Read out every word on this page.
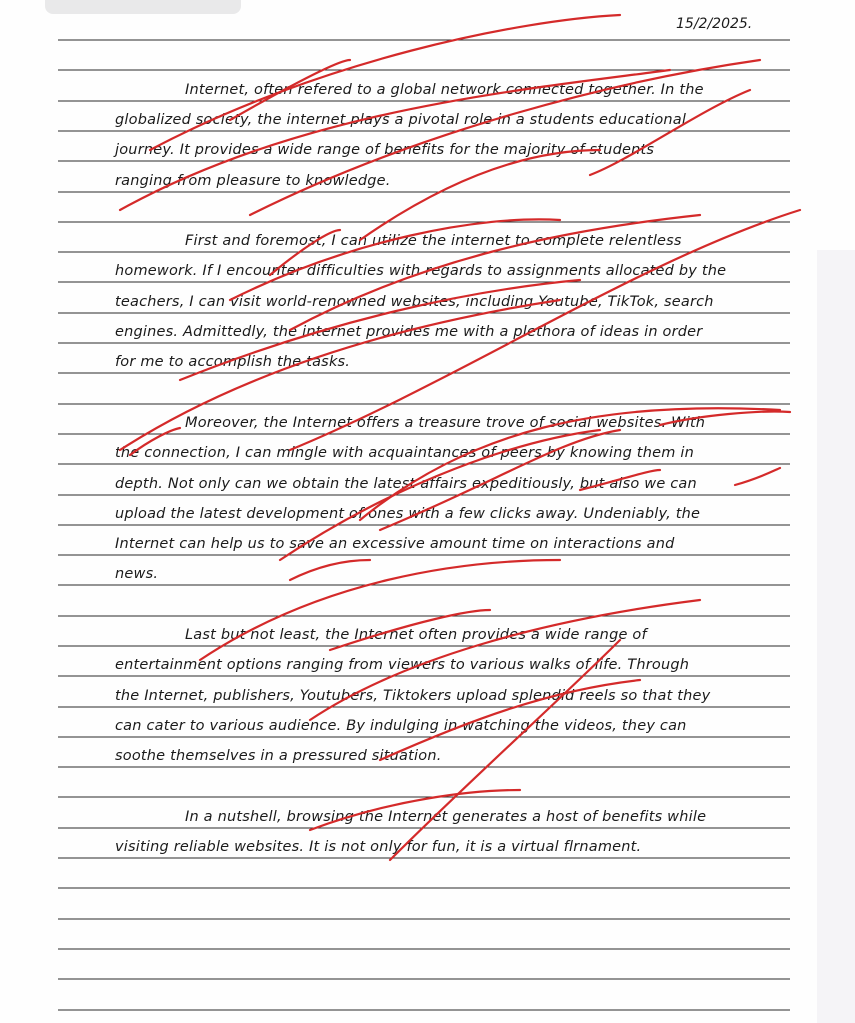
15/2/2025.
Internet, often refered to a global network connected together. In the
globalized society, the internet plays a pivotal role in a students educational
journey. It provides a wide range of benefits for the majority of students
ranging from pleasure to knowledge.
First and foremost, I can utilize the internet to complete relentless
homework. If I encounter difficulties with regards to assignments allocated by the
teachers, I can visit world-renowned websites, including Youtube, TikTok, search
engines. Admittedly, the internet provides me with a plethora of ideas in order
for me to accomplish the tasks.
Moreover, the Internet offers a treasure trove of social websites. With
the connection, I can mingle with acquaintances of peers by knowing them in
depth. Not only can we obtain the latest affairs expeditiously, but also we can
upload the latest development of ones with a few clicks away. Undeniably, the
Internet can help us to save an excessive amount time on interactions and
news.
Last but not least, the Internet often provides a wide range of
entertainment options ranging from viewers to various walks of life. Through
the Internet, publishers, Youtubers, Tiktokers upload splendid reels so that they
can cater to various audience. By indulging in watching the videos, they can
soothe themselves in a pressured situation.
In a nutshell, browsing the Internet generates a host of benefits while
visiting reliable websites. It is not only for fun, it is a virtual flrnament.
